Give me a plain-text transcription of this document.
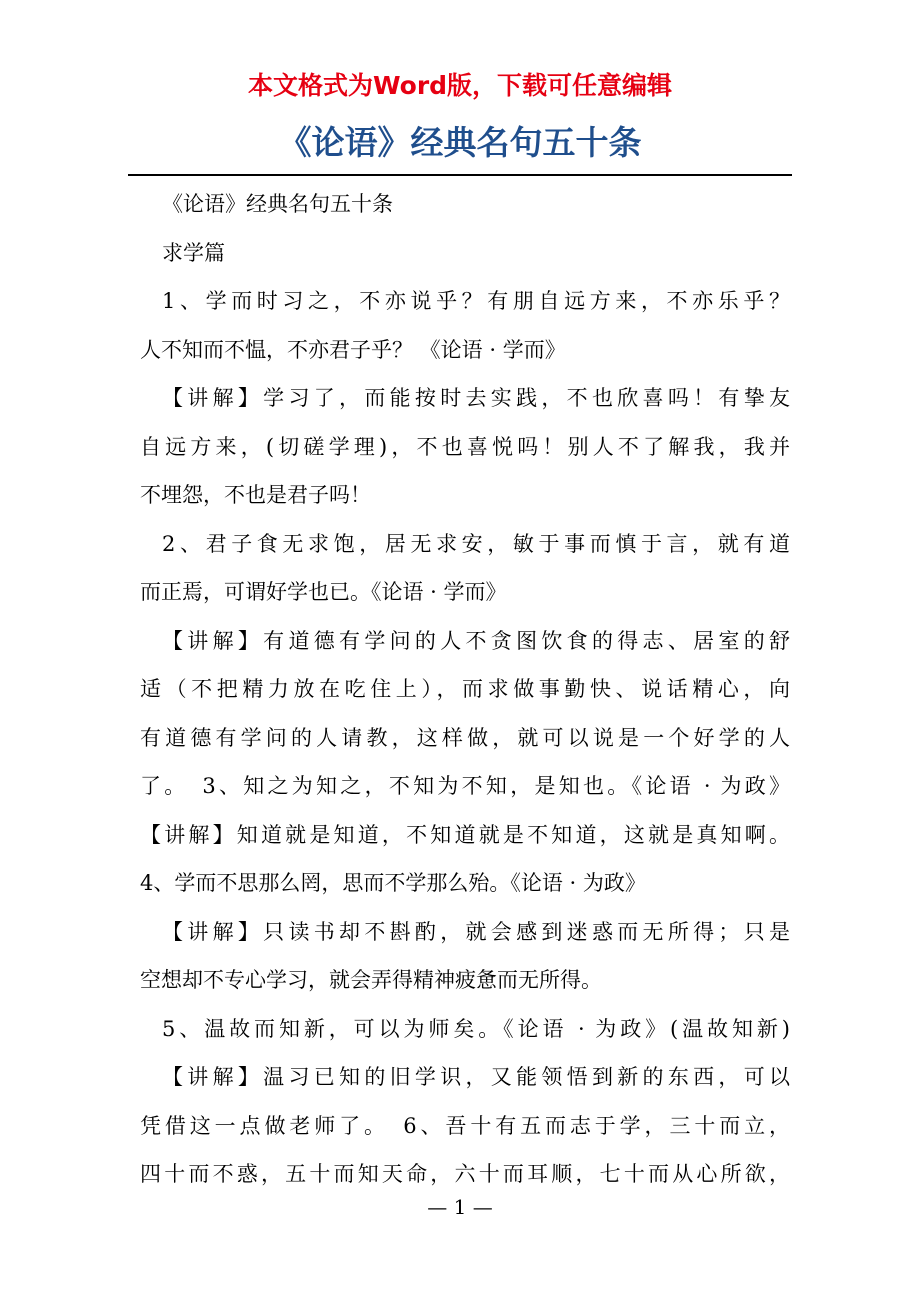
本文格式为Word版，下载可任意编辑
《论语》经典名句五十条
《论语》经典名句五十条
求学篇
1、学而时习之，不亦说乎？有朋自远方来，不亦乐乎？
人不知而不愠，不亦君子乎？ 《论语 · 学而》
【讲解】学习了，而能按时去实践，不也欣喜吗！有挚友
自远方来，(切磋学理)，不也喜悦吗！别人不了解我，我并
不埋怨，不也是君子吗！
2、君子食无求饱，居无求安，敏于事而慎于言，就有道
而正焉，可谓好学也已。《论语 · 学而》
【讲解】有道德有学问的人不贪图饮食的得志、居室的舒
适（不把精力放在吃住上），而求做事勤快、说话精心，向
有道德有学问的人请教，这样做，就可以说是一个好学的人
了。　3、知之为知之，不知为不知，是知也。《论语 · 为政》
【讲解】知道就是知道，不知道就是不知道，这就是真知啊。
4、学而不思那么罔，思而不学那么殆。《论语 · 为政》
【讲解】只读书却不斟酌，就会感到迷惑而无所得；只是
空想却不专心学习，就会弄得精神疲惫而无所得。
5、温故而知新，可以为师矣。《论语 · 为政》(温故知新)
【讲解】温习已知的旧学识，又能领悟到新的东西，可以
凭借这一点做老师了。　6、吾十有五而志于学，三十而立，
四十而不惑，五十而知天命，六十而耳顺，七十而从心所欲，
— 1 —
